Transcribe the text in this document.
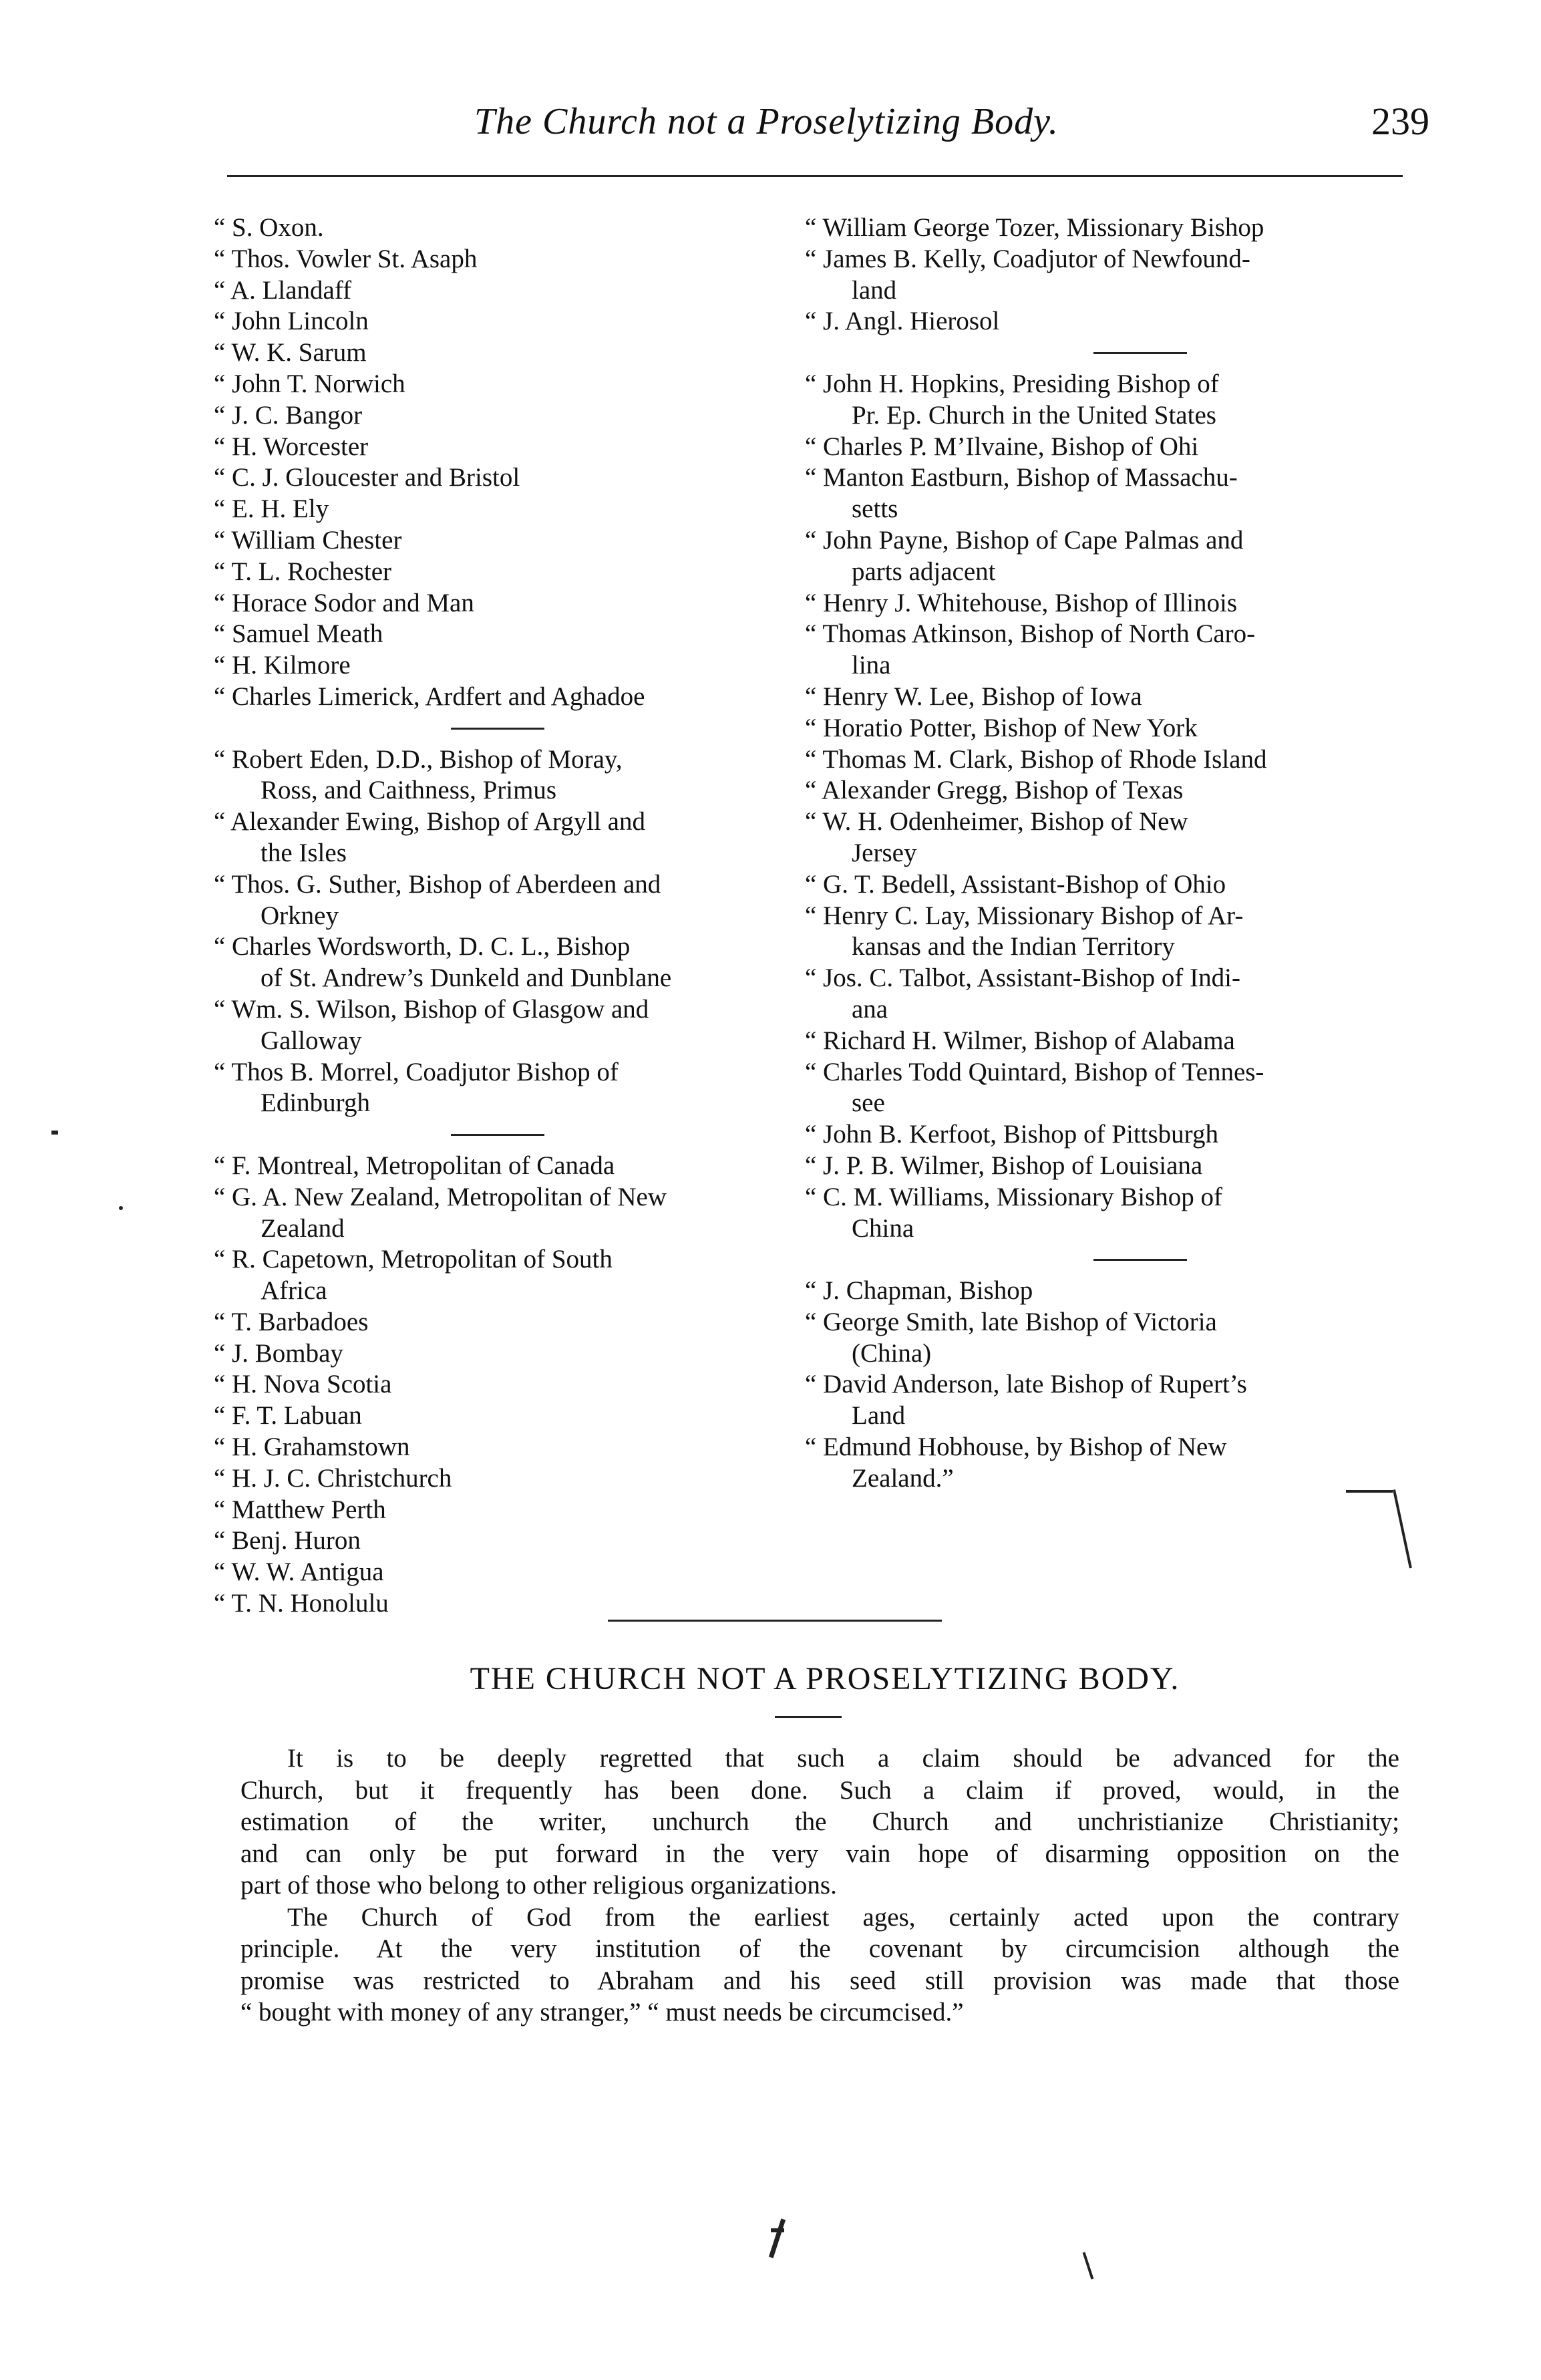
The Church not a Proselytizing Body.	239
“ S. Oxon.
“ Thos. Vowler St. Asaph
“ A. Llandaff
“ John Lincoln
“ W. K. Sarum
“ John T. Norwich
“ J. C. Bangor
“ H. Worcester
“ C. J. Gloucester and Bristol
“ E. H. Ely
“ William Chester
“ T. L. Rochester
“ Horace Sodor and Man
“ Samuel Meath
“ H. Kilmore
“ Charles Limerick, Ardfert and Aghadoe
“ Robert Eden, D.D., Bishop of Moray,
Ross, and Caithness, Primus
“ Alexander Ewing, Bishop of Argyll and
the Isles
“ Thos. G. Suther, Bishop of Aberdeen and
Orkney
“ Charles Wordsworth, D. C. L., Bishop
of St. Andrew’s Dunkeld and Dunblane
“ Wm. S. Wilson, Bishop of Glasgow and
Galloway
“ Thos B. Morrel, Coadjutor Bishop of
Edinburgh
“ F. Montreal, Metropolitan of Canada
“ G. A. New Zealand, Metropolitan of New
Zealand
“ R. Capetown, Metropolitan of South
Africa
“ T. Barbadoes
“ J. Bombay
“ H. Nova Scotia
“ F. T. Labuan
“ H. Grahamstown
“ H. J. C. Christchurch
“ Matthew Perth
“ Benj. Huron
“ W. W. Antigua
“ T. N. Honolulu
“ William George Tozer, Missionary Bishop
“ James B. Kelly, Coadjutor of Newfound-
land
“ J. Angl. Hierosol
“ John H. Hopkins, Presiding Bishop of
Pr. Ep. Church in the United States
“ Charles P. M’Ilvaine, Bishop of Ohi
“ Manton Eastburn, Bishop of Massachu-
setts
“ John Payne, Bishop of Cape Palmas and
parts adjacent
“ Henry J. Whitehouse, Bishop of Illinois
“ Thomas Atkinson, Bishop of North Caro-
lina
“ Henry W. Lee, Bishop of Iowa
“ Horatio Potter, Bishop of New York
“ Thomas M. Clark, Bishop of Rhode Island
“ Alexander Gregg, Bishop of Texas
“ W. H. Odenheimer, Bishop of New
Jersey
“ G. T. Bedell, Assistant-Bishop of Ohio
“ Henry C. Lay, Missionary Bishop of Ar-
kansas and the Indian Territory
“ Jos. C. Talbot, Assistant-Bishop of Indi-
ana
“ Richard H. Wilmer, Bishop of Alabama
“ Charles Todd Quintard, Bishop of Tennes-
see
“ John B. Kerfoot, Bishop of Pittsburgh
“ J. P. B. Wilmer, Bishop of Louisiana
“ C. M. Williams, Missionary Bishop of
China
“ J. Chapman, Bishop
“ George Smith, late Bishop of Victoria
(China)
“ David Anderson, late Bishop of Rupert’s
Land
“ Edmund Hobhouse, by Bishop of New
Zealand.”
THE CHURCH NOT A PROSELYTIZING BODY.
It is to be deeply regretted that such a claim should be advanced for the
Church, but it frequently has been done. Such a claim if proved, would, in the
estimation of the writer, unchurch the Church and unchristianize Christianity;
and can only be put forward in the very vain hope of disarming opposition on the
part of those who belong to other religious organizations.
The Church of God from the earliest ages, certainly acted upon the contrary
principle. At the very institution of the covenant by circumcision although the
promise was restricted to Abraham and his seed still provision was made that those
“ bought with money of any stranger,” “ must needs be circumcised.”
